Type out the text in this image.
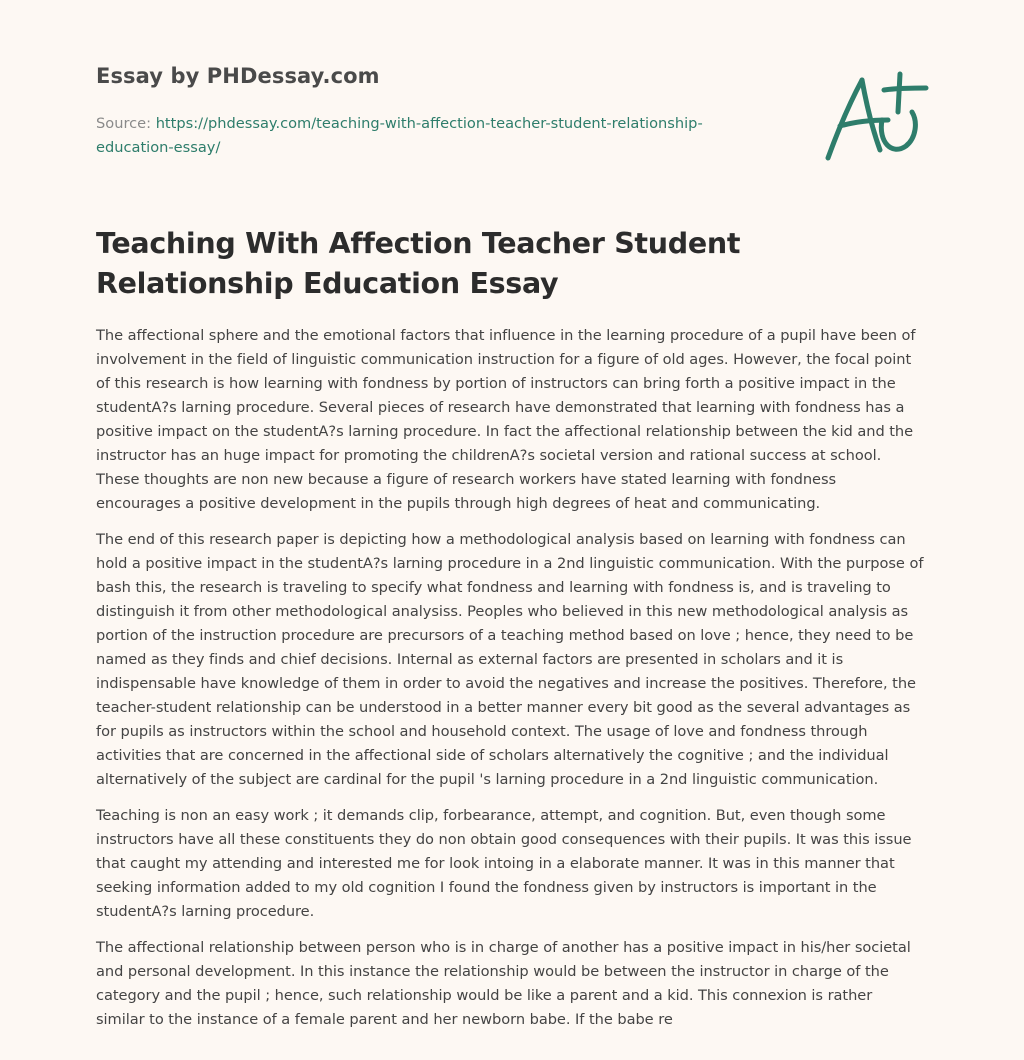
Essay by PHDessay.com
Source: https://phdessay.com/teaching-with-affection-teacher-student-relationship-education-essay/
Teaching With Affection Teacher Student Relationship Education Essay

The affectional sphere and the emotional factors that influence in the learning procedure of a pupil have been of involvement in the field of linguistic communication instruction for a figure of old ages. However, the focal point of this research is how learning with fondness by portion of instructors can bring forth a positive impact in the studentA?s larning procedure. Several pieces of research have demonstrated that learning with fondness has a positive impact on the studentA?s larning procedure. In fact the affectional relationship between the kid and the instructor has an huge impact for promoting the childrenA?s societal version and rational success at school. These thoughts are non new because a figure of research workers have stated learning with fondness encourages a positive development in the pupils through high degrees of heat and communicating.

The end of this research paper is depicting how a methodological analysis based on learning with fondness can hold a positive impact in the studentA?s larning procedure in a 2nd linguistic communication. With the purpose of bash this, the research is traveling to specify what fondness and learning with fondness is, and is traveling to distinguish it from other methodological analysiss. Peoples who believed in this new methodological analysis as portion of the instruction procedure are precursors of a teaching method based on love ; hence, they need to be named as they finds and chief decisions. Internal as external factors are presented in scholars and it is indispensable have knowledge of them in order to avoid the negatives and increase the positives. Therefore, the teacher-student relationship can be understood in a better manner every bit good as the several advantages as for pupils as instructors within the school and household context. The usage of love and fondness through activities that are concerned in the affectional side of scholars alternatively the cognitive ; and the individual alternatively of the subject are cardinal for the pupil 's larning procedure in a 2nd linguistic communication.

Teaching is non an easy work ; it demands clip, forbearance, attempt, and cognition. But, even though some instructors have all these constituents they do non obtain good consequences with their pupils. It was this issue that caught my attending and interested me for look intoing in a elaborate manner. It was in this manner that seeking information added to my old cognition I found the fondness given by instructors is important in the studentA?s larning procedure.

The affectional relationship between person who is in charge of another has a positive impact in his/her societal and personal development. In this instance the relationship would be between the instructor in charge of the category and the pupil ; hence, such relationship would be like a parent and a kid. This connexion is rather similar to the instance of a female parent and her newborn babe. If the babe re
